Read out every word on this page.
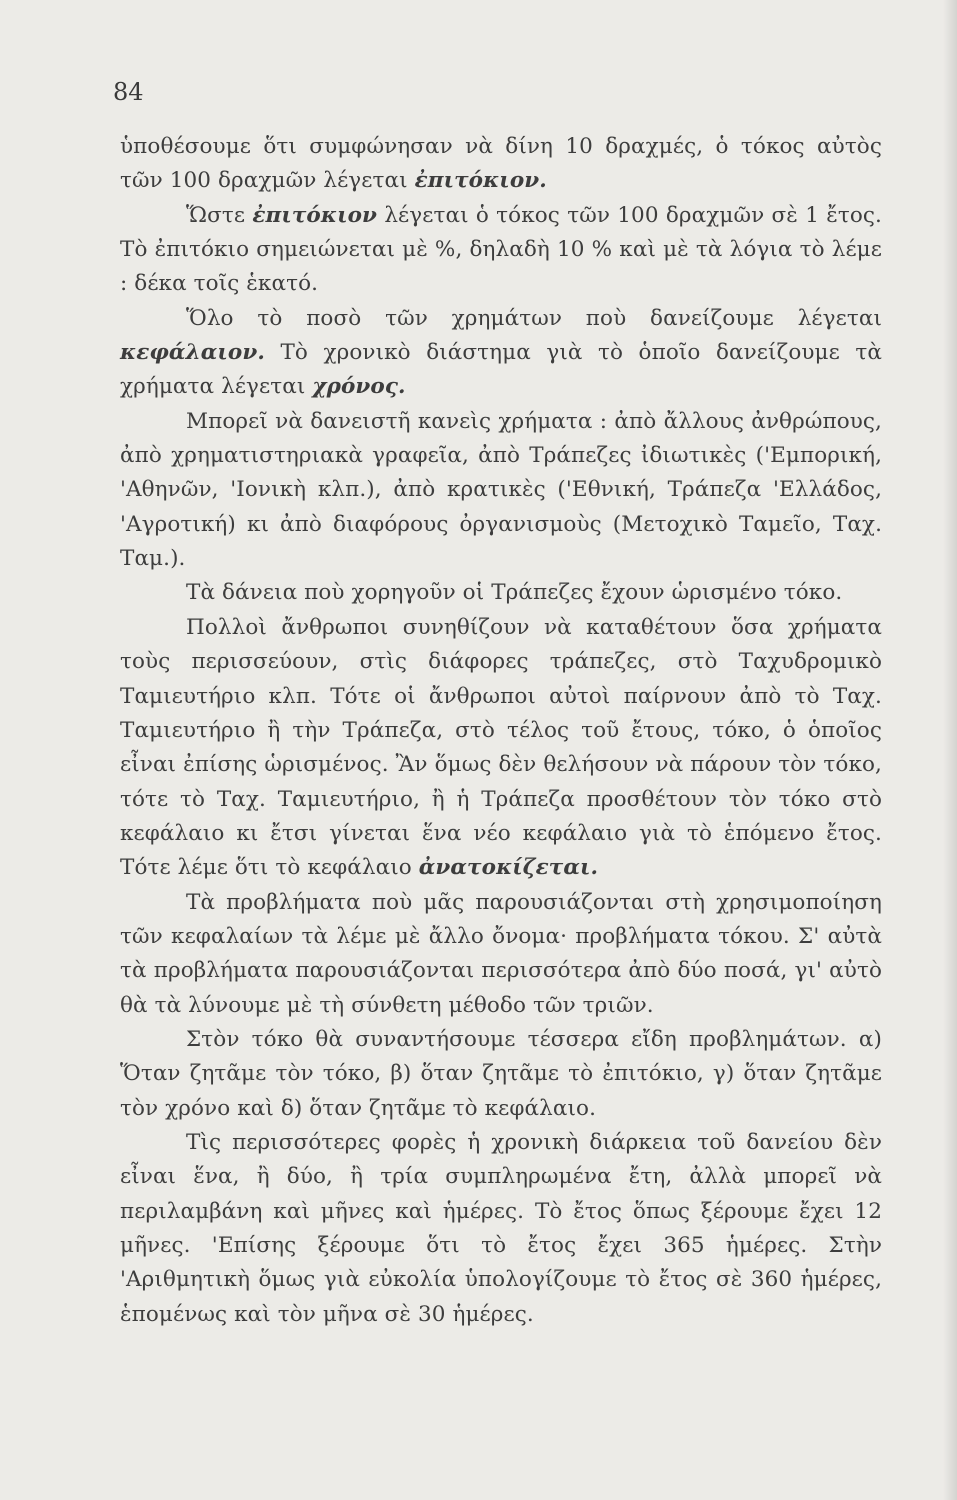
84

ὑποθέσουμε ὅτι συμφώνησαν νὰ δίνη 10 δραχμές, ὁ τόκος αὐτὸς τῶν 100 δραχμῶν λέγεται ἐπιτόκιον.

Ὥστε ἐπιτόκιον λέγεται ὁ τόκος τῶν 100 δραχμῶν σὲ 1 ἔτος. Τὸ ἐπιτόκιο σημειώνεται μὲ %, δηλαδὴ 10 % καὶ μὲ τὰ λόγια τὸ λέμε : δέκα τοῖς ἑκατό.

Ὅλο τὸ ποσὸ τῶν χρημάτων ποὺ δανείζουμε λέγεται κεφάλαιον. Τὸ χρονικὸ διάστημα γιὰ τὸ ὁποῖο δανείζουμε τὰ χρήματα λέγεται χρόνος.

Μπορεῖ νὰ δανειστῆ κανεὶς χρήματα : ἀπὸ ἄλλους ἀνθρώπους, ἀπὸ χρηματιστηριακὰ γραφεῖα, ἀπὸ Τράπεζες ἰδιωτικὲς ('Εμπορική, 'Αθηνῶν, 'Ιονικὴ κλπ.), ἀπὸ κρατικὲς ('Εθνική, Τράπεζα 'Ελλάδος, 'Αγροτική) κι ἀπὸ διαφόρους ὀργανισμοὺς (Μετοχικὸ Ταμεῖο, Ταχ. Ταμ.).

Τὰ δάνεια ποὺ χορηγοῦν οἱ Τράπεζες ἔχουν ὡρισμένο τόκο.

Πολλοὶ ἄνθρωποι συνηθίζουν νὰ καταθέτουν ὅσα χρήματα τοὺς περισσεύουν, στὶς διάφορες τράπεζες, στὸ Ταχυδρομικὸ Ταμιευτήριο κλπ. Τότε οἱ ἄνθρωποι αὐτοὶ παίρνουν ἀπὸ τὸ Ταχ. Ταμιευτήριο ἢ τὴν Τράπεζα, στὸ τέλος τοῦ ἔτους, τόκο, ὁ ὁποῖος εἶναι ἐπίσης ὡρισμένος. Ἂν ὅμως δὲν θελήσουν νὰ πάρουν τὸν τόκο, τότε τὸ Ταχ. Ταμιευτήριο, ἢ ἡ Τράπεζα προσθέτουν τὸν τόκο στὸ κεφάλαιο κι ἔτσι γίνεται ἕνα νέο κεφάλαιο γιὰ τὸ ἑπόμενο ἔτος. Τότε λέμε ὅτι τὸ κεφάλαιο ἀνατοκίζεται.

Τὰ προβλήματα ποὺ μᾶς παρουσιάζονται στὴ χρησιμοποίηση τῶν κεφαλαίων τὰ λέμε μὲ ἄλλο ὄνομα· προβλήματα τόκου. Σ' αὐτὰ τὰ προβλήματα παρουσιάζονται περισσότερα ἀπὸ δύο ποσά, γι' αὐτὸ θὰ τὰ λύνουμε μὲ τὴ σύνθετη μέθοδο τῶν τριῶν.

Στὸν τόκο θὰ συναντήσουμε τέσσερα εἴδη προβλημάτων. α) Ὅταν ζητᾶμε τὸν τόκο, β) ὅταν ζητᾶμε τὸ ἐπιτόκιο, γ) ὅταν ζητᾶμε τὸν χρόνο καὶ δ) ὅταν ζητᾶμε τὸ κεφάλαιο.

Τὶς περισσότερες φορὲς ἡ χρονικὴ διάρκεια τοῦ δανείου δὲν εἶναι ἕνα, ἢ δύο, ἢ τρία συμπληρωμένα ἔτη, ἀλλὰ μπορεῖ νὰ περιλαμβάνη καὶ μῆνες καὶ ἡμέρες. Τὸ ἔτος ὅπως ξέρουμε ἔχει 12 μῆνες. 'Επίσης ξέρουμε ὅτι τὸ ἔτος ἔχει 365 ἡμέρες. Στὴν 'Αριθμητικὴ ὅμως γιὰ εὐκολία ὑπολογίζουμε τὸ ἔτος σὲ 360 ἡμέρες, ἑπομένως καὶ τὸν μῆνα σὲ 30 ἡμέρες.
